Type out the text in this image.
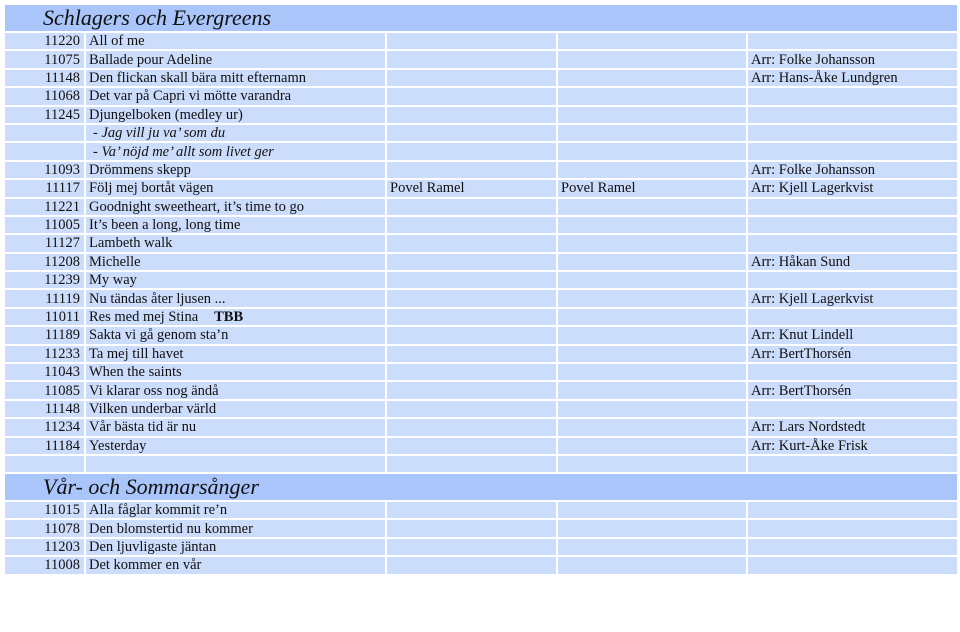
Schlagers och Evergreens				
11220	All of me			
11075	Ballade pour Adeline			Arr: Folke Johansson
11148	Den flickan skall bära mitt efternamn			Arr: Hans-Åke Lundgren
11068	Det var på Capri vi mötte varandra			
11245	Djungelboken (medley ur)			
	- Jag vill ju va’ som du			
	- Va’ nöjd me’ allt som livet ger			
11093	Drömmens skepp			Arr: Folke Johansson
11117	Följ mej bortåt vägen	Povel Ramel	Povel Ramel	Arr: Kjell Lagerkvist
11221	Goodnight sweetheart, it’s time to go			
11005	It’s been a long, long time			
11127	Lambeth walk			
11208	Michelle			Arr: Håkan Sund
11239	My way			
11119	Nu tändas åter ljusen ...			Arr: Kjell Lagerkvist
11011	Res med mej Stina TBB			
11189	Sakta vi gå genom sta’n			Arr: Knut Lindell
11233	Ta mej till havet			Arr: BertThorsén
11043	When the saints			
11085	Vi klarar oss nog ändå			Arr: BertThorsén
11148	Vilken underbar värld			
11234	Vår bästa tid är nu			Arr: Lars Nordstedt
11184	Yesterday			Arr: Kurt-Åke Frisk

Vår- och Sommarsånger				
11015	Alla fåglar kommit re’n			
11078	Den blomstertid nu kommer			
11203	Den ljuvligaste jäntan			
11008	Det kommer en vår			
